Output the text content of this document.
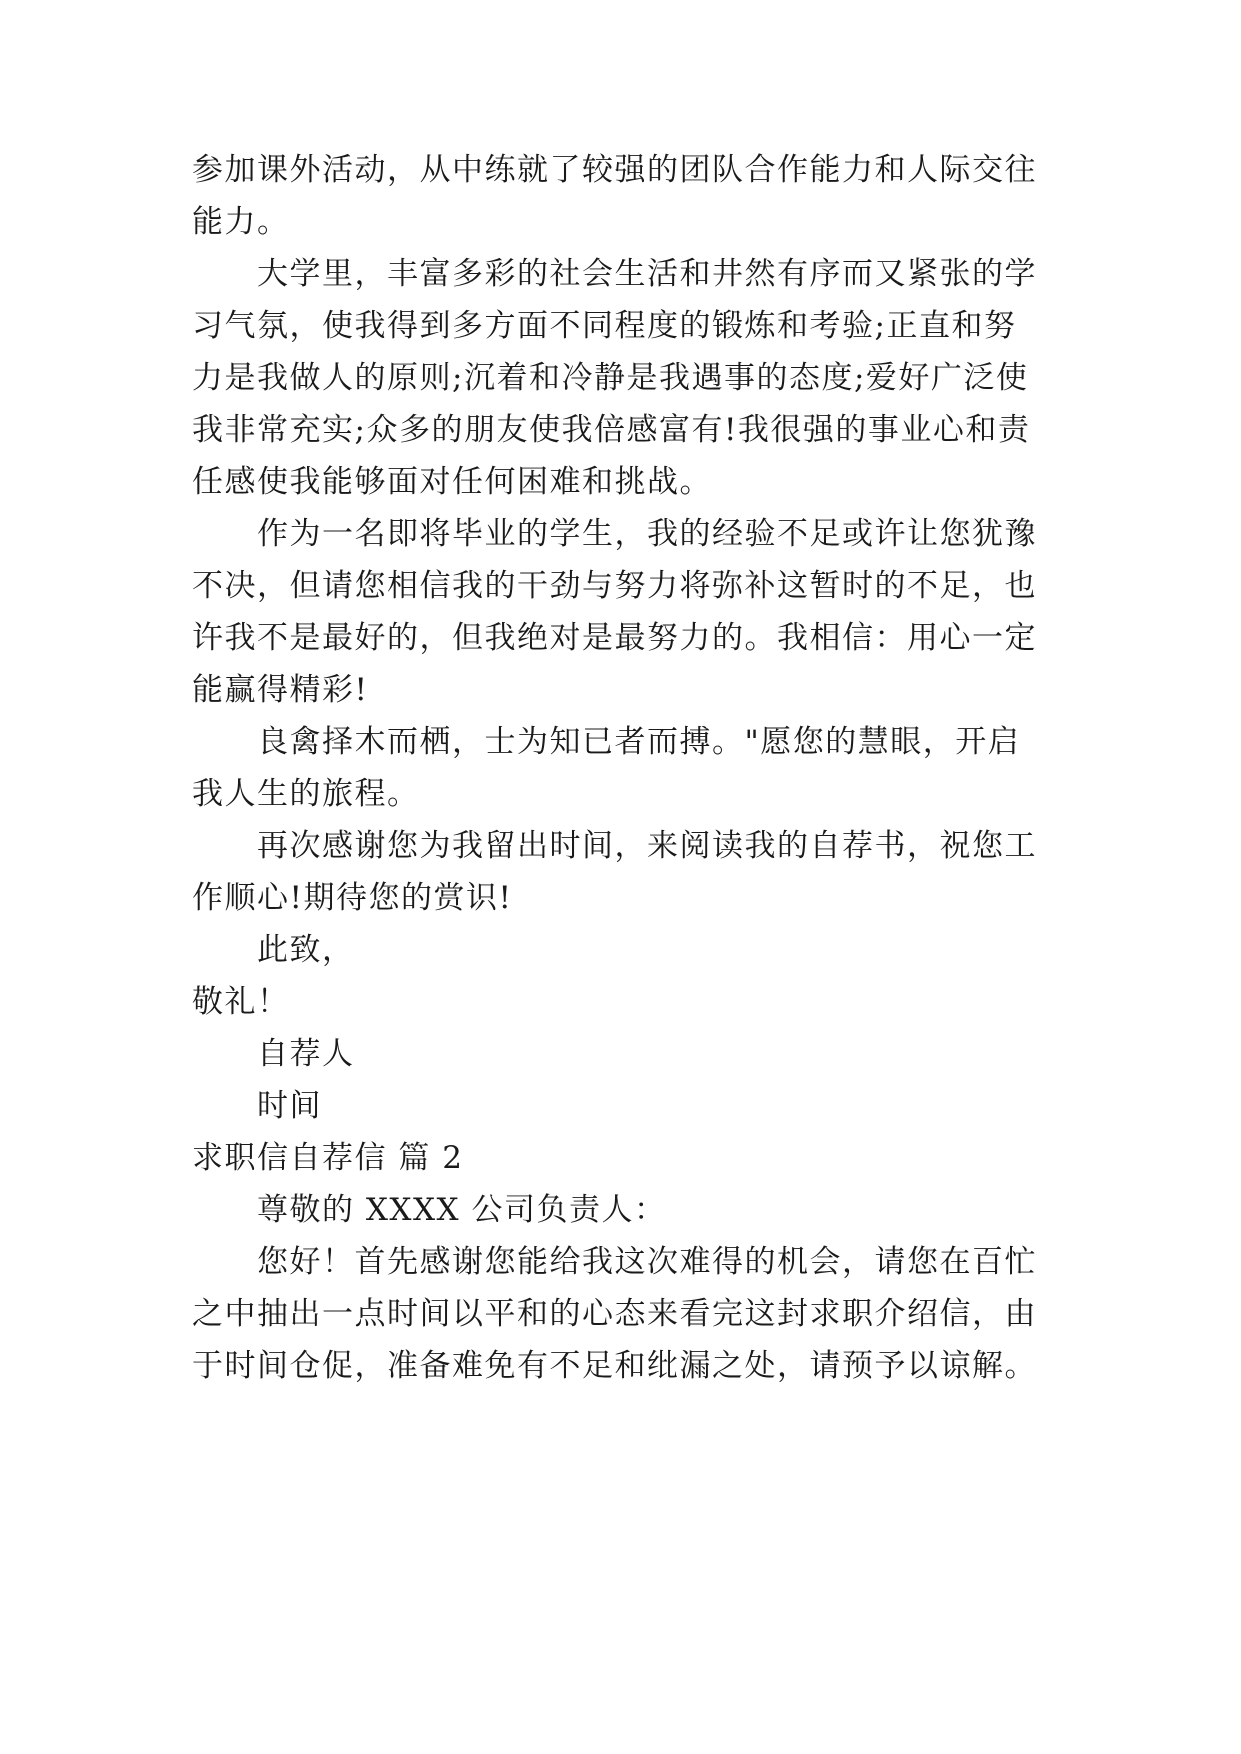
参加课外活动，从中练就了较强的团队合作能力和人际交往

能力。

大学里，丰富多彩的社会生活和井然有序而又紧张的学

习气氛，使我得到多方面不同程度的锻炼和考验;正直和努

力是我做人的原则;沉着和冷静是我遇事的态度;爱好广泛使

我非常充实;众多的朋友使我倍感富有!我很强的事业心和责

任感使我能够面对任何困难和挑战。

作为一名即将毕业的学生，我的经验不足或许让您犹豫

不决，但请您相信我的干劲与努力将弥补这暂时的不足，也

许我不是最好的，但我绝对是最努力的。我相信：用心一定

能赢得精彩!

良禽择木而栖，士为知已者而搏。"愿您的慧眼，开启

我人生的旅程。

再次感谢您为我留出时间，来阅读我的自荐书，祝您工

作顺心!期待您的赏识!

此致，

敬礼！

自荐人

时间

求职信自荐信 篇 2

尊敬的 XXXX 公司负责人：

您好！首先感谢您能给我这次难得的机会，请您在百忙

之中抽出一点时间以平和的心态来看完这封求职介绍信，由

于时间仓促，准备难免有不足和纰漏之处，请预予以谅解。
